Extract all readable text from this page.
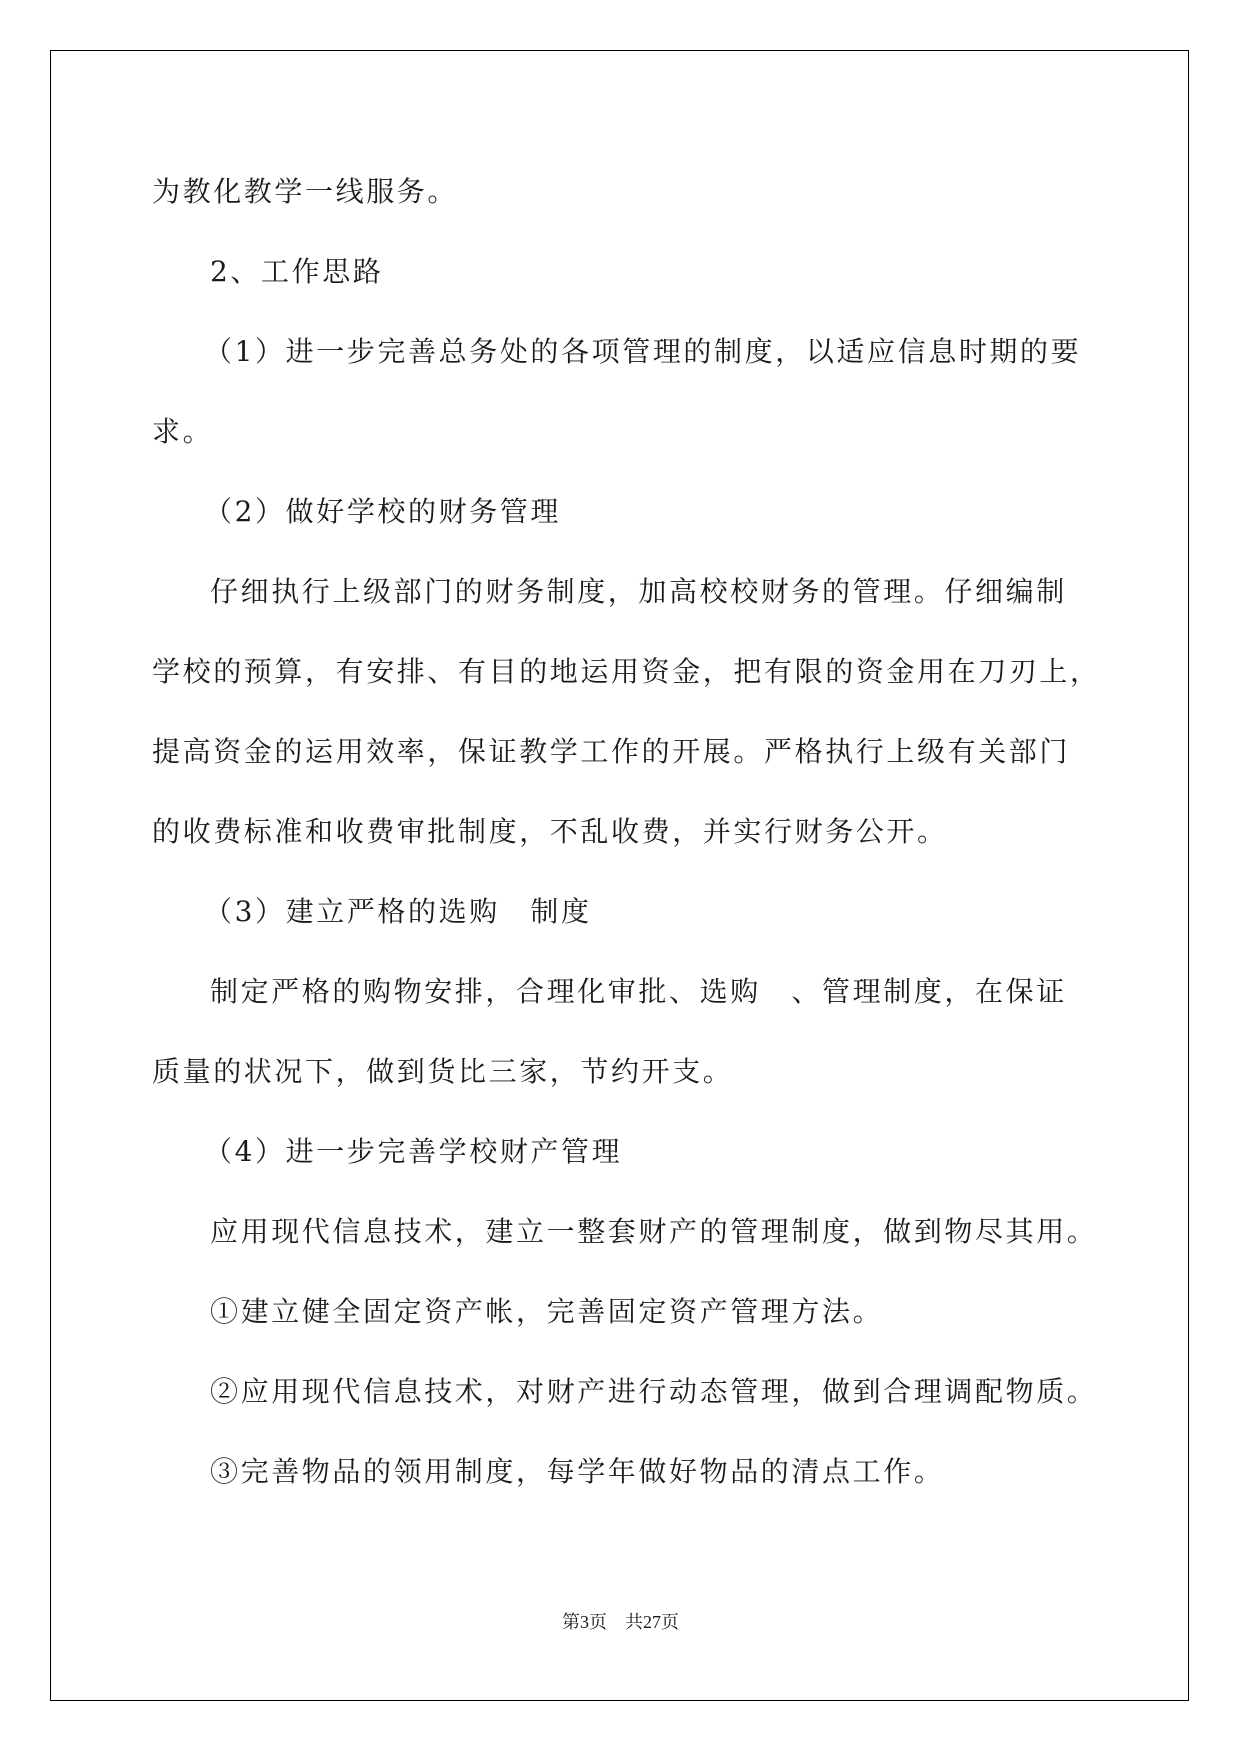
为教化教学一线服务。
2、工作思路
（1）进一步完善总务处的各项管理的制度，以适应信息时期的要
求。
（2）做好学校的财务管理
仔细执行上级部门的财务制度，加高校校财务的管理。仔细编制
学校的预算，有安排、有目的地运用资金，把有限的资金用在刀刃上，
提高资金的运用效率，保证教学工作的开展。严格执行上级有关部门
的收费标准和收费审批制度，不乱收费，并实行财务公开。
（3）建立严格的选购　制度
制定严格的购物安排，合理化审批、选购　、管理制度，在保证
质量的状况下，做到货比三家，节约开支。
（4）进一步完善学校财产管理
应用现代信息技术，建立一整套财产的管理制度，做到物尽其用。
①建立健全固定资产帐，完善固定资产管理方法。
②应用现代信息技术，对财产进行动态管理，做到合理调配物质。
③完善物品的领用制度，每学年做好物品的清点工作。
第3页　共27页
